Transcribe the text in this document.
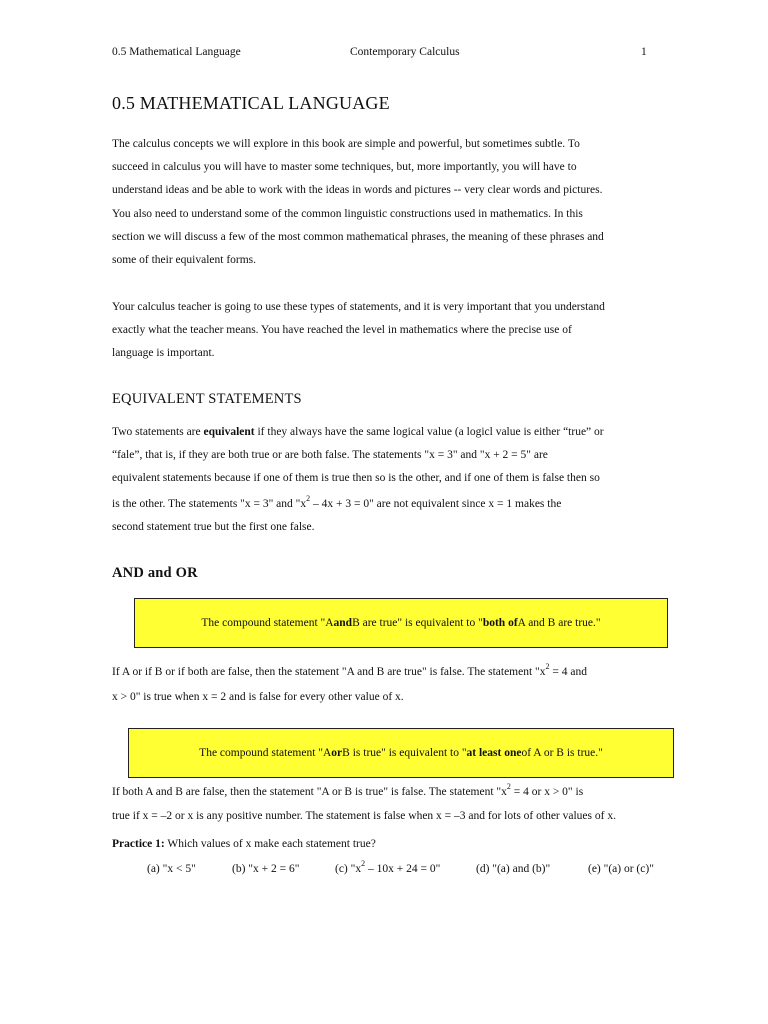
0.5 Mathematical Language	Contemporary Calculus	1
0.5 MATHEMATICAL LANGUAGE
The calculus concepts we will explore in this book are simple and powerful, but sometimes subtle. To
succeed in calculus you will have to master some techniques, but, more importantly, you will have to
understand ideas and be able to work with the ideas in words and pictures -- very clear words and pictures.
You also need to understand some of the common linguistic constructions used in mathematics. In this
section we will discuss a few of the most common mathematical phrases, the meaning of these phrases and
some of their equivalent forms.
Your calculus teacher is going to use these types of statements, and it is very important that you understand
exactly what the teacher means. You have reached the level in mathematics where the precise use of
language is important.
EQUIVALENT STATEMENTS
Two statements are equivalent if they always have the same logical value (a logicl value is either “true” or
“fale”, that is, if they are both true or are both false. The statements "x = 3" and "x + 2 = 5" are
equivalent statements because if one of them is true then so is the other, and if one of them is false then so
is the other. The statements "x = 3" and "$x^2 - 4x + 3 = 0$" are not equivalent since x = 1 makes the
second statement true but the first one false.
AND and OR
The compound statement "A and B are true" is equivalent to " both of A and B are true."
If A or if B or if both are false, then the statement "A and B are true" is false. The statement "$x^2 = 4$ and
x > 0" is true when x = 2 and is false for every other value of x.
The compound statement "A or B is true" is equivalent to " at least one of A or B is true."
If both A and B are false, then the statement "A or B is true" is false. The statement "$x^2 = 4$ or x > 0" is
true if x = –2 or x is any positive number. The statement is false when x = –3 and for lots of other values of x.
Practice 1: Which values of x make each statement true?
(a) "x < 5"	(b) "x + 2 = 6"	(c) "$x^2 - 10x + 24 = 0$"	(d) "(a) and (b)"	(e) "(a) or (c)"
